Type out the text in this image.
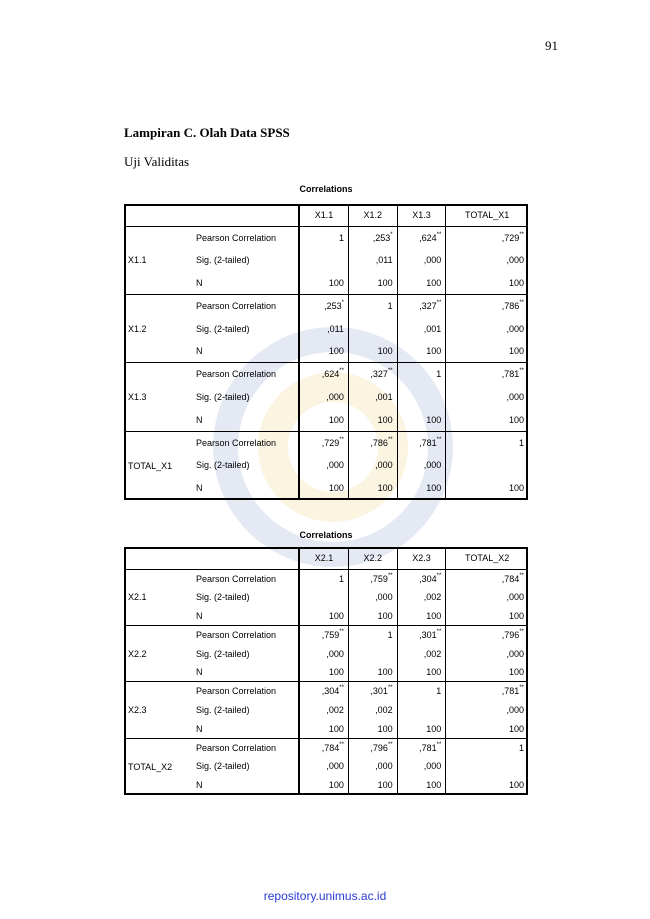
91
Lampiran C. Olah Data SPSS
Uji Validitas
Correlations
		X1.1	X1.2	X1.3	TOTAL_X1
X1.1	Pearson Correlation	1	,253*	,624**	,729**
	Sig. (2-tailed)		,011	,000	,000
	N	100	100	100	100
X1.2	Pearson Correlation	,253*	1	,327**	,786**
	Sig. (2-tailed)	,011		,001	,000
	N	100	100	100	100
X1.3	Pearson Correlation	,624**	,327**	1	,781**
	Sig. (2-tailed)	,000	,001		,000
	N	100	100	100	100
TOTAL_X1	Pearson Correlation	,729**	,786**	,781**	1
	Sig. (2-tailed)	,000	,000	,000	
	N	100	100	100	100
Correlations
		X2.1	X2.2	X2.3	TOTAL_X2
X2.1	Pearson Correlation	1	,759**	,304**	,784**
	Sig. (2-tailed)		,000	,002	,000
	N	100	100	100	100
X2.2	Pearson Correlation	,759**	1	,301**	,796**
	Sig. (2-tailed)	,000		,002	,000
	N	100	100	100	100
X2.3	Pearson Correlation	,304**	,301**	1	,781**
	Sig. (2-tailed)	,002	,002		,000
	N	100	100	100	100
TOTAL_X2	Pearson Correlation	,784**	,796**	,781**	1
	Sig. (2-tailed)	,000	,000	,000	
	N	100	100	100	100
repository.unimus.ac.id
